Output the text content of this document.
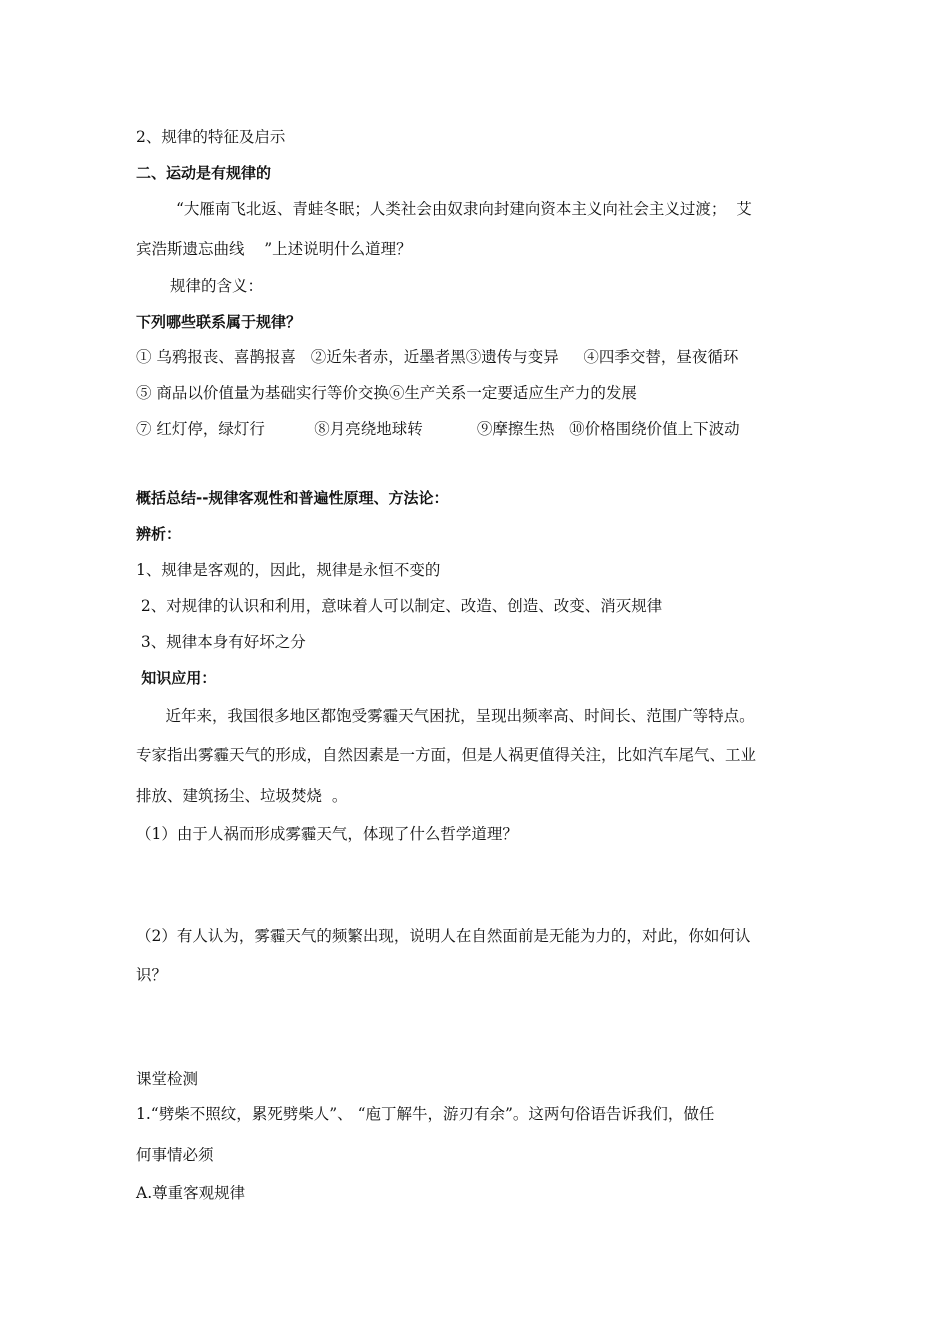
2、规律的特征及启示
二、运动是有规律的
“大雁南飞北返、青蛙冬眠；人类社会由奴隶向封建向资本主义向社会主义过渡；  艾
宾浩斯遗忘曲线    ”上述说明什么道理？
规律的含义：
下列哪些联系属于规律？
① 乌鸦报丧、喜鹊报喜   ②近朱者赤，近墨者黑③遗传与变异     ④四季交替，昼夜循环
⑤ 商品以价值量为基础实行等价交换⑥生产关系一定要适应生产力的发展
⑦ 红灯停，绿灯行          ⑧月亮绕地球转           ⑨摩擦生热   ⑩价格围绕价值上下波动
概括总结--规律客观性和普遍性原理、方法论：
辨析：
1、规律是客观的，因此，规律是永恒不变的
2、对规律的认识和利用，意味着人可以制定、改造、创造、改变、消灭规律
3、规律本身有好坏之分
知识应用：
近年来，我国很多地区都饱受雾霾天气困扰，呈现出频率高、时间长、范围广等特点。
专家指出雾霾天气的形成，自然因素是一方面，但是人祸更值得关注，比如汽车尾气、工业
排放、建筑扬尘、垃圾焚烧  。
（1）由于人祸而形成雾霾天气，体现了什么哲学道理？
（2）有人认为，雾霾天气的频繁出现，说明人在自然面前是无能为力的，对此，你如何认
识？
课堂检测
1.“劈柴不照纹，累死劈柴人”、 “庖丁解牛，游刃有余”。这两句俗语告诉我们，做任
何事情必须
A.尊重客观规律
